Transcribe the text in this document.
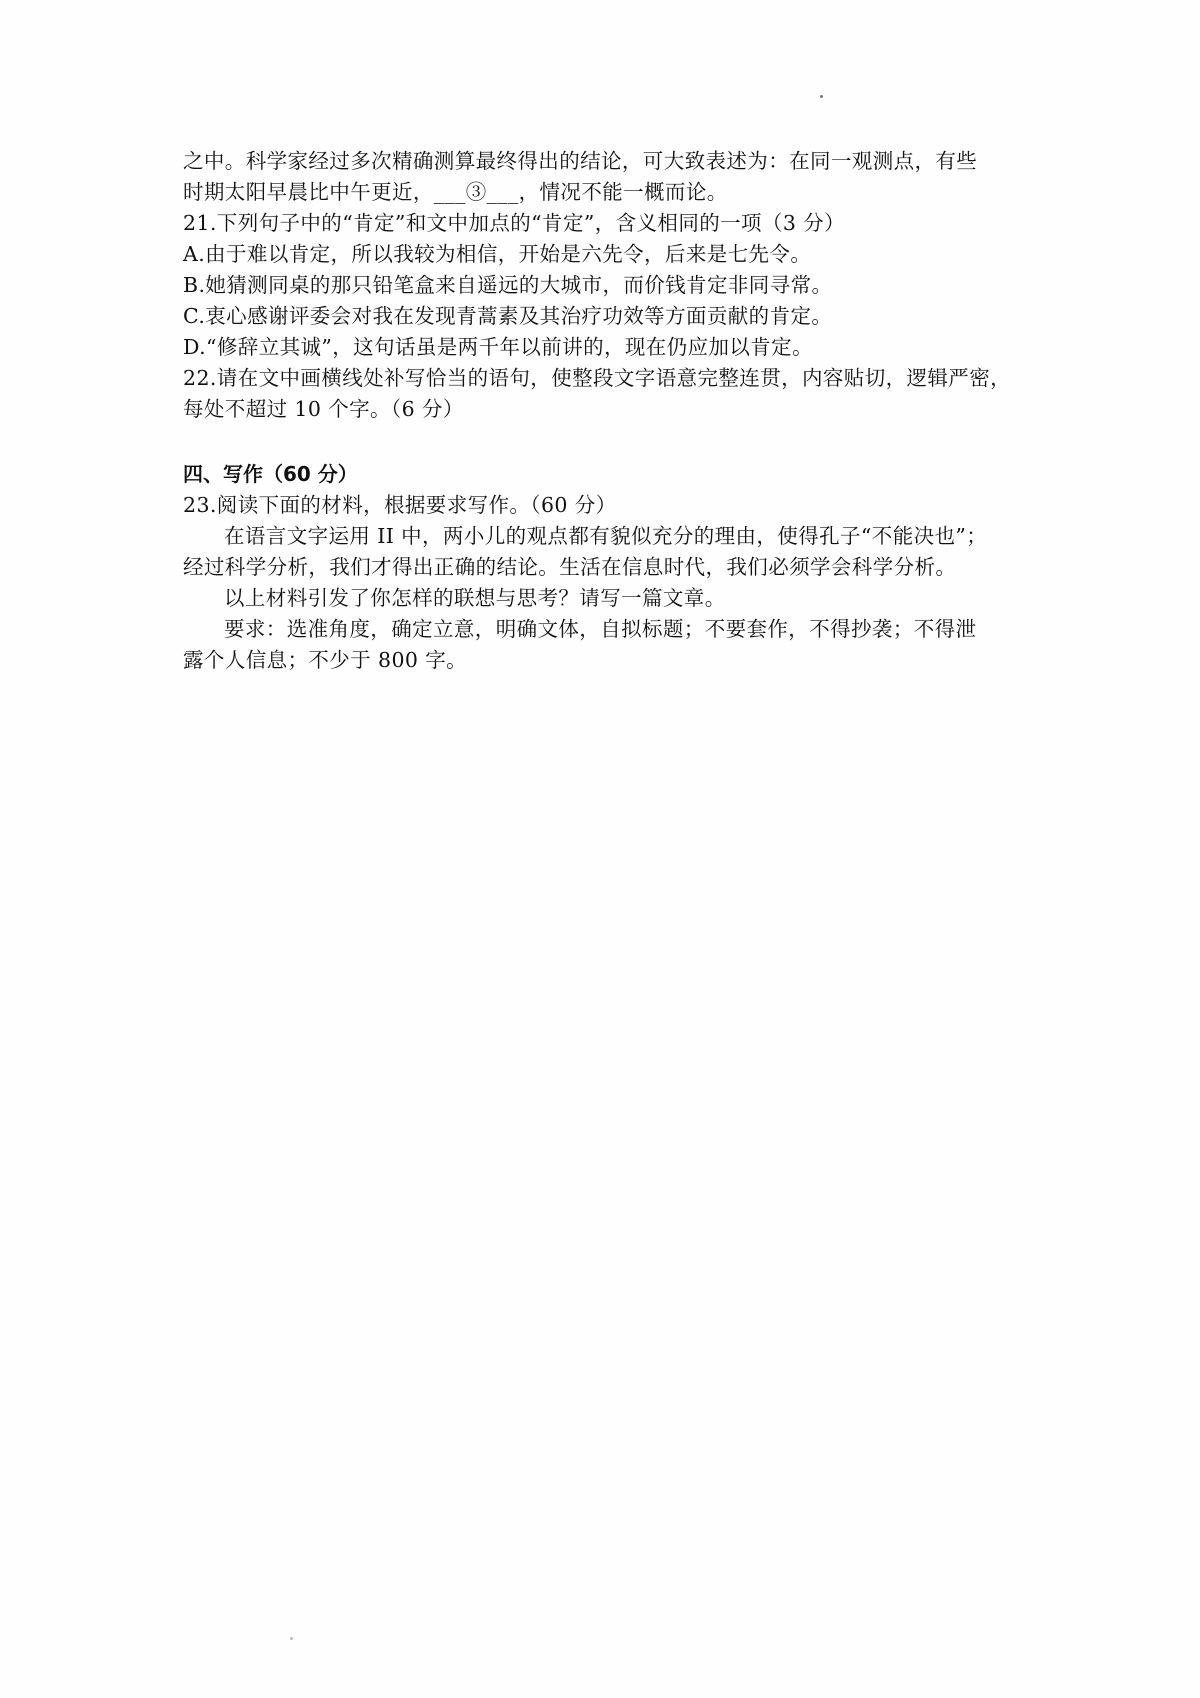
之中。科学家经过多次精确测算最终得出的结论，可大致表述为：在同一观测点，有些
时期太阳早晨比中午更近，___③___，情况不能一概而论。
21.下列句子中的“肯定”和文中加点的“肯定”，含义相同的一项（3 分）
A.由于难以肯定，所以我较为相信，开始是六先令，后来是七先令。
B.她猜测同桌的那只铅笔盒来自遥远的大城市，而价钱肯定非同寻常。
C.衷心感谢评委会对我在发现青蒿素及其治疗功效等方面贡献的肯定。
D.“修辞立其诚”，这句话虽是两千年以前讲的，现在仍应加以肯定。
22.请在文中画横线处补写恰当的语句，使整段文字语意完整连贯，内容贴切，逻辑严密，
每处不超过 10 个字。（6 分）
四、写作（60 分）
23.阅读下面的材料，根据要求写作。（60 分）
在语言文字运用 II 中，两小儿的观点都有貌似充分的理由，使得孔子“不能决也”；
经过科学分析，我们才得出正确的结论。生活在信息时代，我们必须学会科学分析。
以上材料引发了你怎样的联想与思考？请写一篇文章。
要求：选准角度，确定立意，明确文体，自拟标题；不要套作，不得抄袭；不得泄
露个人信息；不少于 800 字。
